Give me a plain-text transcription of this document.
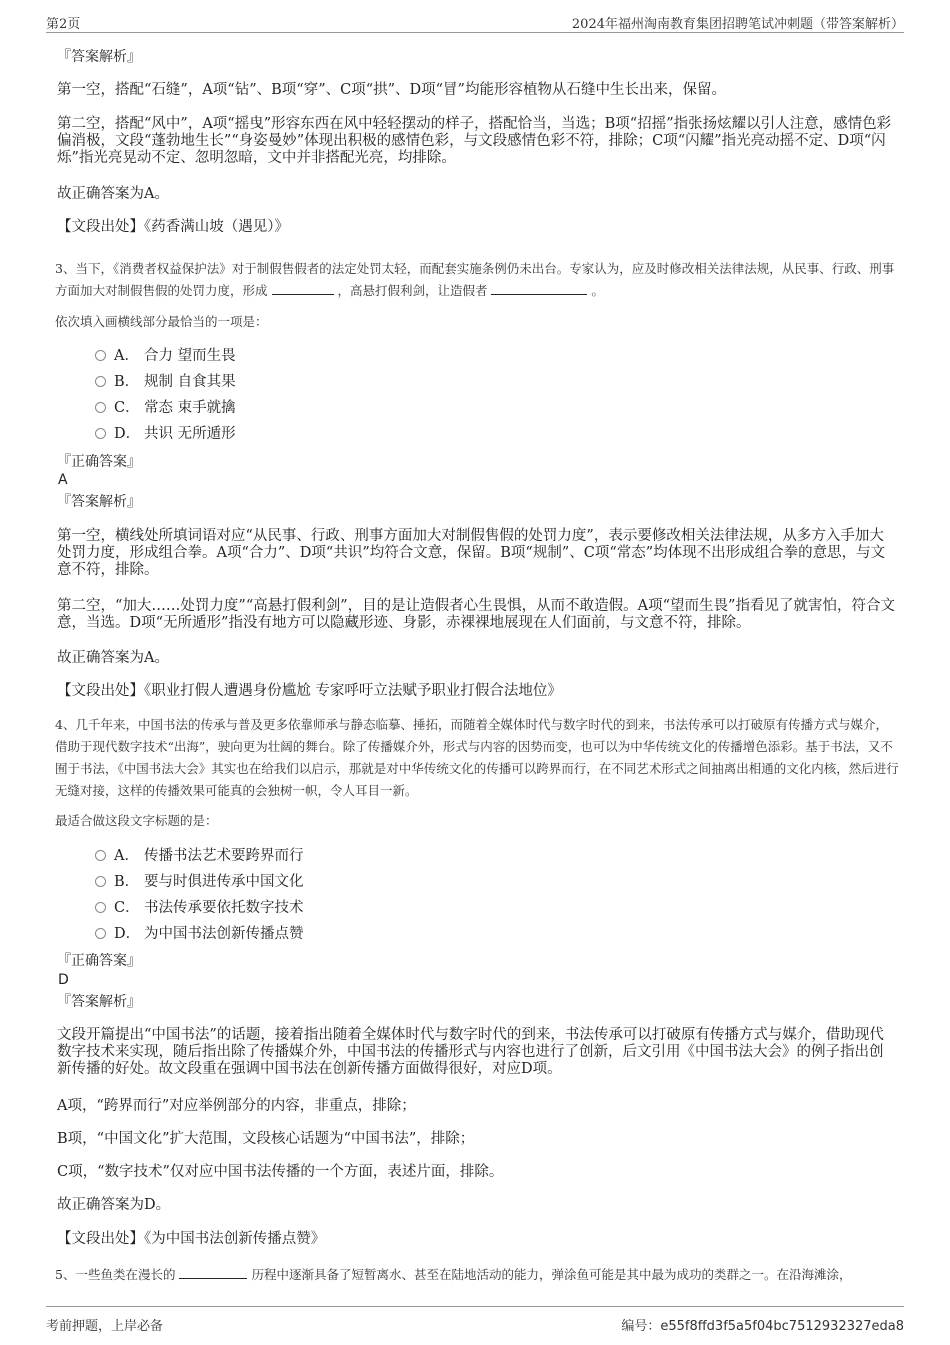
第2页	2024年福州淘南教育集团招聘笔试冲刺题（带答案解析）
『答案解析』
第一空，搭配“石缝”，A项“钻”、B项“穿”、C项“拱”、D项“冒”均能形容植物从石缝中生长出来，保留。
第二空，搭配“风中”，A项“摇曳”形容东西在风中轻轻摆动的样子，搭配恰当，当选；B项“招摇”指张扬炫耀以引人注意，感情色彩偏消极，文段“蓬勃地生长”“身姿曼妙”体现出积极的感情色彩，与文段感情色彩不符，排除；C项“闪耀”指光亮动摇不定、D项“闪烁”指光亮晃动不定、忽明忽暗，文中并非搭配光亮，均排除。
故正确答案为A。
【文段出处】《药香满山坡（遇见）》
3、当下，《消费者权益保护法》对于制假售假者的法定处罚太轻，而配套实施条例仍未出台。专家认为，应及时修改相关法律法规，从民事、行政、刑事方面加大对制假售假的处罚力度，形成	，高悬打假利剑，让造假者	。
依次填入画横线部分最恰当的一项是：
A． 合力 望而生畏
B． 规制 自食其果
C． 常态 束手就擒
D． 共识 无所遁形
『正确答案』
A
『答案解析』
第一空，横线处所填词语对应“从民事、行政、刑事方面加大对制假售假的处罚力度”，表示要修改相关法律法规，从多方入手加大处罚力度，形成组合拳。A项“合力”、D项“共识”均符合文意，保留。B项“规制”、C项“常态”均体现不出形成组合拳的意思，与文意不符，排除。
第二空，“加大……处罚力度”“高悬打假利剑”，目的是让造假者心生畏惧，从而不敢造假。A项“望而生畏”指看见了就害怕，符合文意，当选。D项“无所遁形”指没有地方可以隐藏形迹、身影，赤裸裸地展现在人们面前，与文意不符，排除。
故正确答案为A。
【文段出处】《职业打假人遭遇身份尴尬 专家呼吁立法赋予职业打假合法地位》
4、几千年来，中国书法的传承与普及更多依靠师承与静态临摹、捶拓，而随着全媒体时代与数字时代的到来，书法传承可以打破原有传播方式与媒介，借助于现代数字技术“出海”，驶向更为壮阔的舞台。除了传播媒介外，形式与内容的因势而变，也可以为中华传统文化的传播增色添彩。基于书法，又不囿于书法，《中国书法大会》其实也在给我们以启示，那就是对中华传统文化的传播可以跨界而行，在不同艺术形式之间抽离出相通的文化内核，然后进行无缝对接，这样的传播效果可能真的会独树一帜，令人耳目一新。
最适合做这段文字标题的是：
A． 传播书法艺术要跨界而行
B． 要与时俱进传承中国文化
C． 书法传承要依托数字技术
D． 为中国书法创新传播点赞
『正确答案』
D
『答案解析』
文段开篇提出“中国书法”的话题，接着指出随着全媒体时代与数字时代的到来，书法传承可以打破原有传播方式与媒介，借助现代数字技术来实现，随后指出除了传播媒介外，中国书法的传播形式与内容也进行了创新，后文引用《中国书法大会》的例子指出创新传播的好处。故文段重在强调中国书法在创新传播方面做得很好，对应D项。
A项，“跨界而行”对应举例部分的内容，非重点，排除；
B项，“中国文化”扩大范围，文段核心话题为“中国书法”，排除；
C项，“数字技术”仅对应中国书法传播的一个方面，表述片面，排除。
故正确答案为D。
【文段出处】《为中国书法创新传播点赞》
5、一些鱼类在漫长的	历程中逐渐具备了短暂离水、甚至在陆地活动的能力，弹涂鱼可能是其中最为成功的类群之一。在沿海滩涂，
考前押题，上岸必备	编号：e55f8ffd3f5a5f04bc7512932327eda8
